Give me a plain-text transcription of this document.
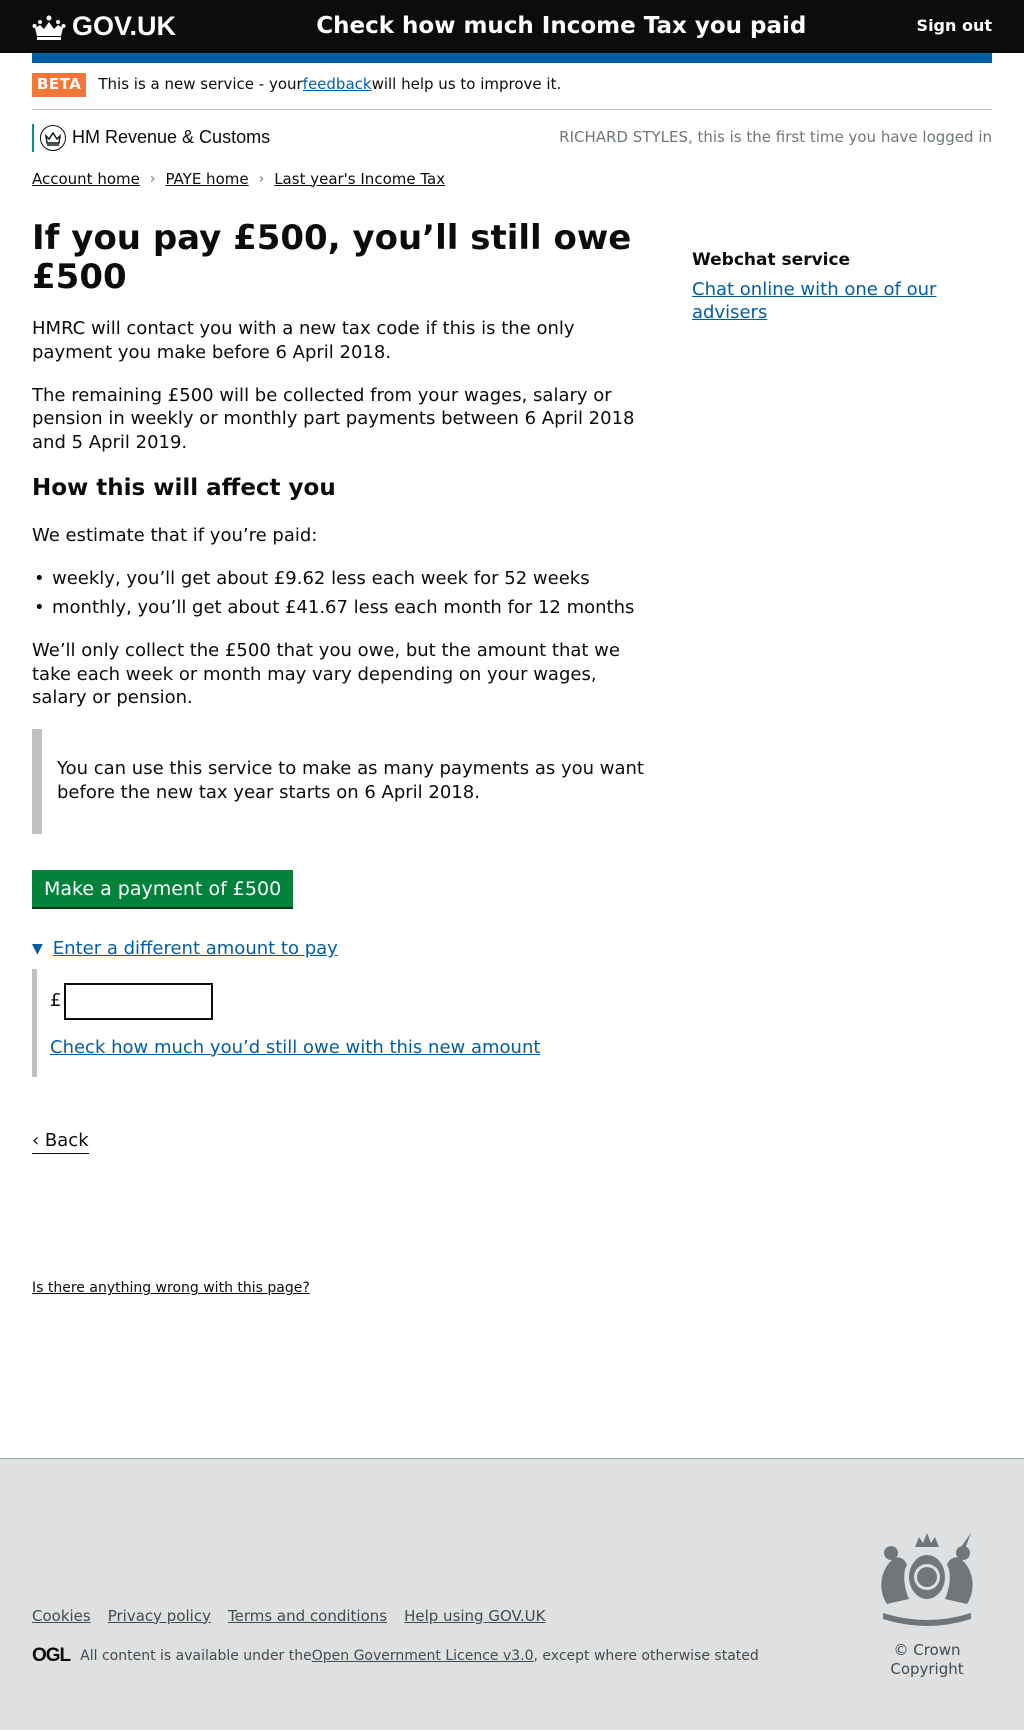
GOV.UK	Check how much Income Tax you paid	Sign out
BETA	This is a new service - your feedback will help us to improve it.
HM Revenue & Customs	RICHARD STYLES, this is the first time you have logged in
Account home › PAYE home › Last year's Income Tax
If you pay £500, you’ll still owe £500

HMRC will contact you with a new tax code if this is the only payment you make before 6 April 2018.

The remaining £500 will be collected from your wages, salary or pension in weekly or monthly part payments between 6 April 2018 and 5 April 2019.

How this will affect you

We estimate that if you’re paid:

• weekly, you’ll get about £9.62 less each week for 52 weeks
• monthly, you’ll get about £41.67 less each month for 12 months

We’ll only collect the £500 that you owe, but the amount that we take each week or month may vary depending on your wages, salary or pension.

You can use this service to make as many payments as you want before the new tax year starts on 6 April 2018.

Make a payment of £500
▼ Enter a different amount to pay
£
Check how much you’d still owe with this new amount
‹ Back
Is there anything wrong with this page?
Webchat service
Chat online with one of our advisers
Cookies Privacy policy Terms and conditions Help using GOV.UK
OGL All content is available under the Open Government Licence v3.0 , except where otherwise stated	© Crown Copyright
